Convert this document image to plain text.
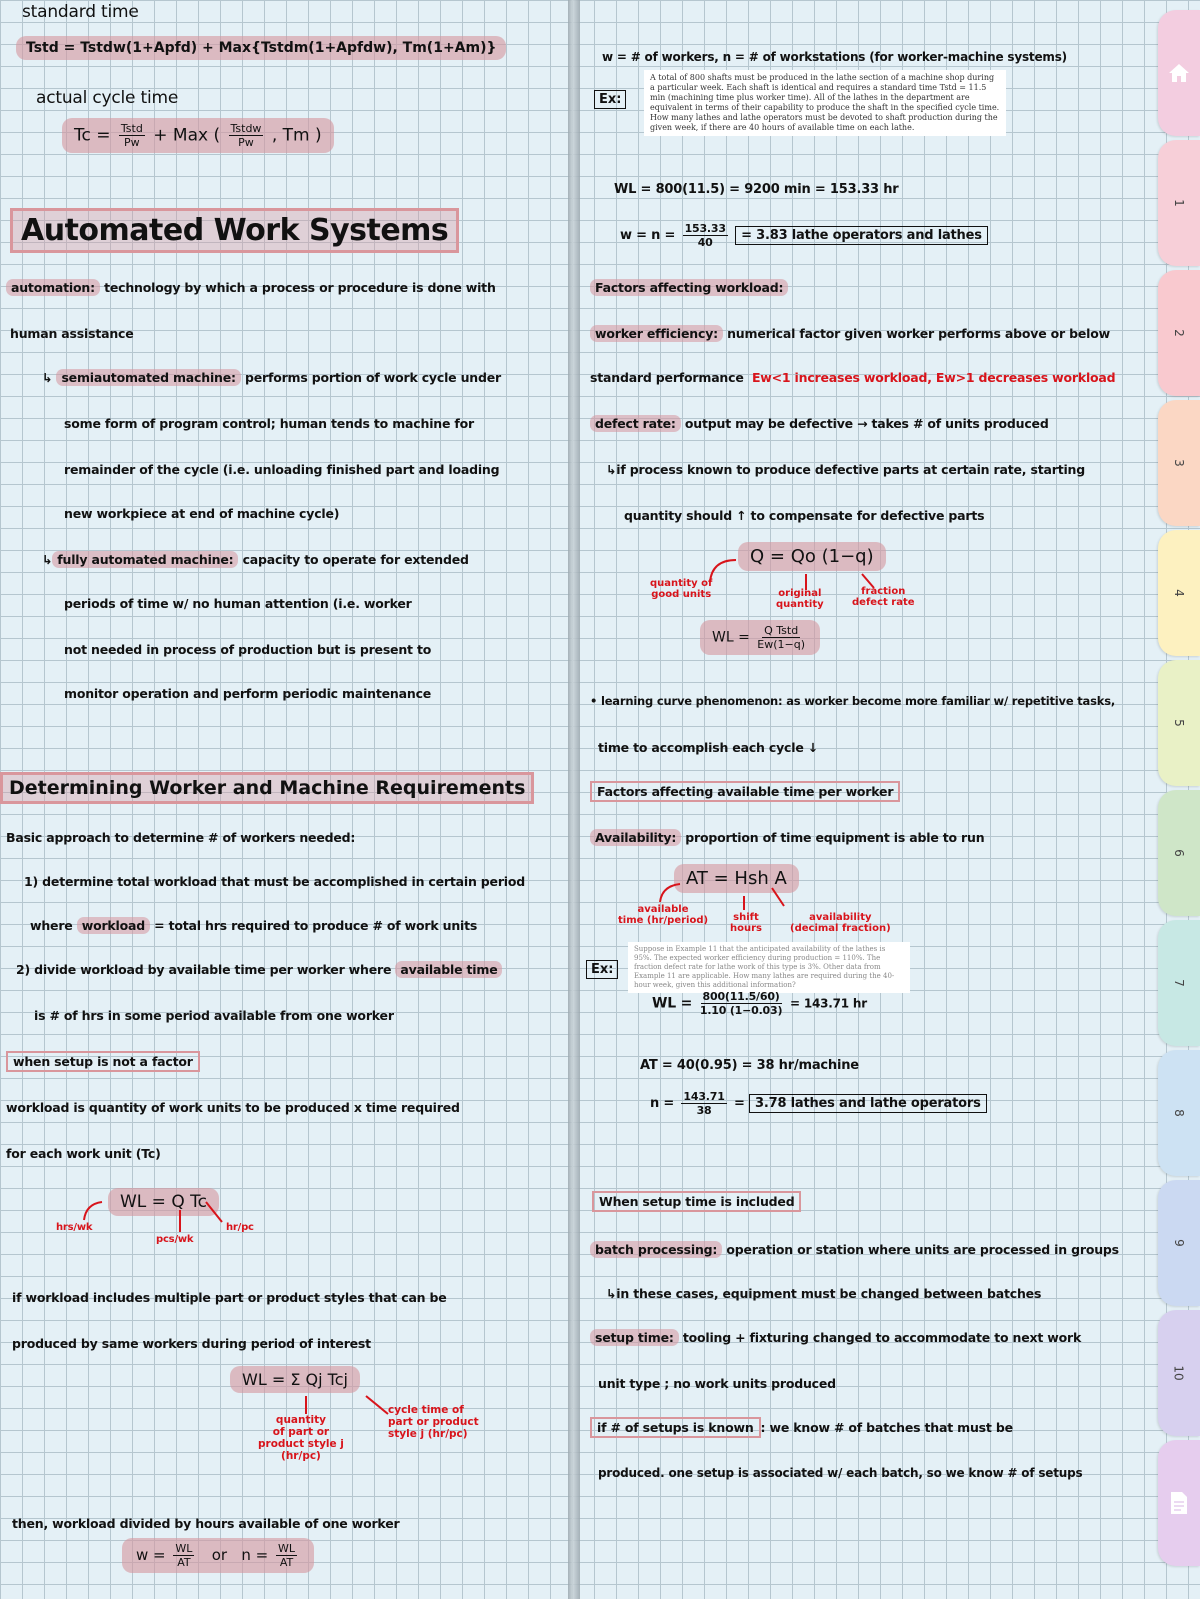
standard time
Tstd = Tstdw(1+Apfd) + Max{Tstdm(1+Apfdw), Tm(1+Am)}
actual cycle time
$Tc = \frac{\text{Tstd}}{Pw}$ + Max ( $\frac{\text{Tstdw}}{Pw}$ , Tm )
Automated Work Systems
automation: technology by which a process or procedure is done with
human assistance
↳ semiautomated machine: performs portion of work cycle under
some form of program control; human tends to machine for
remainder of the cycle (i.e. unloading finished part and loading
new workpiece at end of machine cycle)
↳ fully automated machine: capacity to operate for extended
periods of time w/ no human attention (i.e. worker
not needed in process of production but is present to
monitor operation and perform periodic maintenance
Determining Worker and Machine Requirements
Basic approach to determine # of workers needed:
1) determine total workload that must be accomplished in certain period
where workload = total hrs required to produce # of work units
2) divide workload by available time per worker where available time
is # of hrs in some period available from one worker
when setup is not a factor
workload is quantity of work units to be produced x time required
for each work unit (Tc)
WL = Q Tc
hrs/wk
pcs/wk
hr/pc
if workload includes multiple part or product styles that can be
produced by same workers during period of interest
WL = Σ Qj Tcj
quantity
of part or
product style j
(hr/pc)
cycle time of
part or product
style j (hr/pc)
then, workload divided by hours available of one worker
$w = \frac{WL}{AT}$ or $n = \frac{WL}{AT}$
w = # of workers, n = # of workstations (for worker-machine systems)
Ex:
A total of 800 shafts must be produced in the lathe section of a machine shop during a particular week. Each shaft is identical and requires a standard time Tstd = 11.5 min (machining time plus worker time). All of the lathes in the department are equivalent in terms of their capability to produce the shaft in the specified cycle time. How many lathes and lathe operators must be devoted to shaft production during the given week, if there are 40 hours of available time on each lathe.
WL = 800(11.5) = 9200 min = 153.33 hr
$w = n = \frac{153.33}{40} = 3.83$ lathe operators and lathes
Factors affecting workload:
worker efficiency: numerical factor given worker performs above or below
standard performance Ew<1 increases workload, Ew>1 decreases workload
defect rate: output may be defective → takes # of units produced
↳if process known to produce defective parts at certain rate, starting
quantity should ↑ to compensate for defective parts
Q = Qo (1−q)
quantity of
good units	original
quantity
fraction
defect rate
WL = $\frac{\text{Q Tstd}}{Ew(1-q)}$
• learning curve phenomenon: as worker become more familiar w/ repetitive tasks,
time to accomplish each cycle ↓
Factors affecting available time per worker
Availability: proportion of time equipment is able to run
AT = Hsh A
available
time (hr/period)	shift
hours
availability
(decimal fraction)
Ex:
Suppose in Example 11 that the anticipated availability of the lathes is 95%. The expected worker efficiency during production = 110%. The fraction defect rate for lathe work of this type is 3%. Other data from Example 11 are applicable. How many lathes are required during the 40-hour week, given this additional information?
WL = $\frac{800(11.5/60)}{1.10 (1-0.03)} = 143.71$ hr
AT = 40(0.95) = 38 hr/machine
$n = \frac{143.71}{38} = 3.78$ lathes and lathe operators
When setup time is included
batch processing: operation or station where units are processed in groups
↳in these cases, equipment must be changed between batches
setup time: tooling + fixturing changed to accommodate to next work
unit type ; no work units produced
if # of setups is known : we know # of batches that must be
produced. one setup is associated w/ each batch, so we know # of setups
1
2
3
4
5
6
7
8
9
10
